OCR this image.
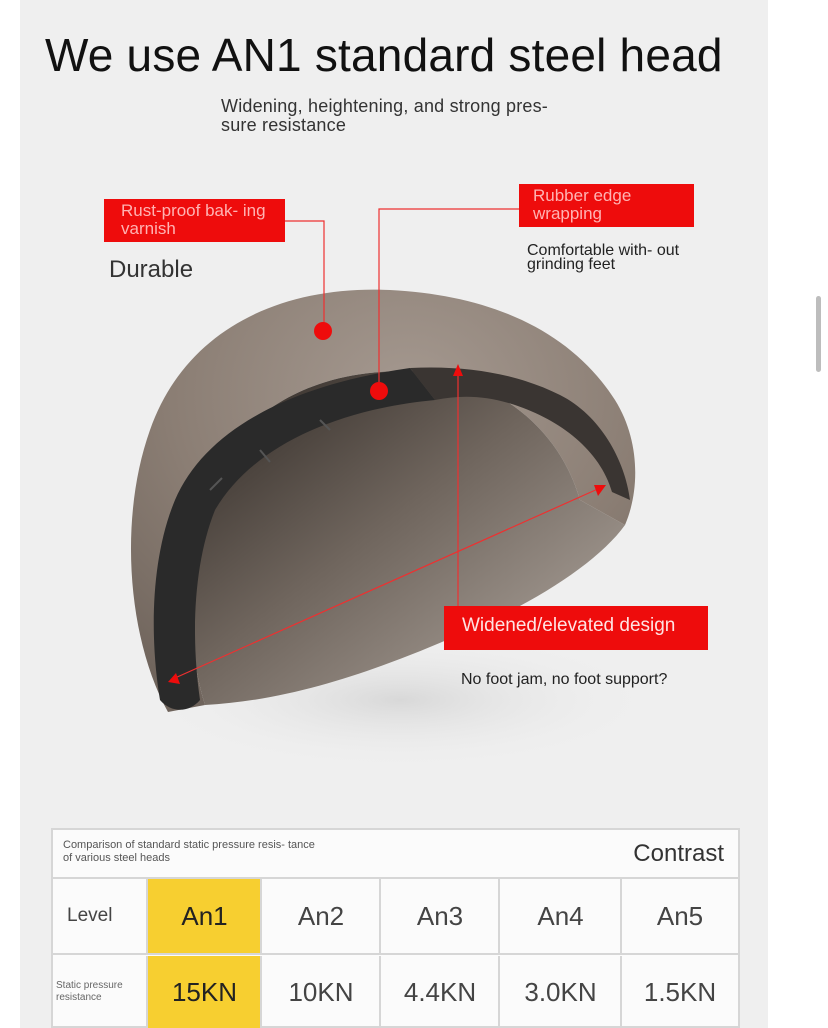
We use AN1 standard steel head
Widening, heightening, and strong pres- sure resistance
Rust-proof bak- ing varnish
Durable
Rubber edge wrapping
Comfortable with- out grinding feet
Widened/elevated design
No foot jam, no foot support?
Comparison of standard static pressure resis- tance of various steel heads	Contrast
Level	An1	An2	An3	An4	An5
Static pressure resistance	15KN	10KN	4.4KN	3.0KN	1.5KN
